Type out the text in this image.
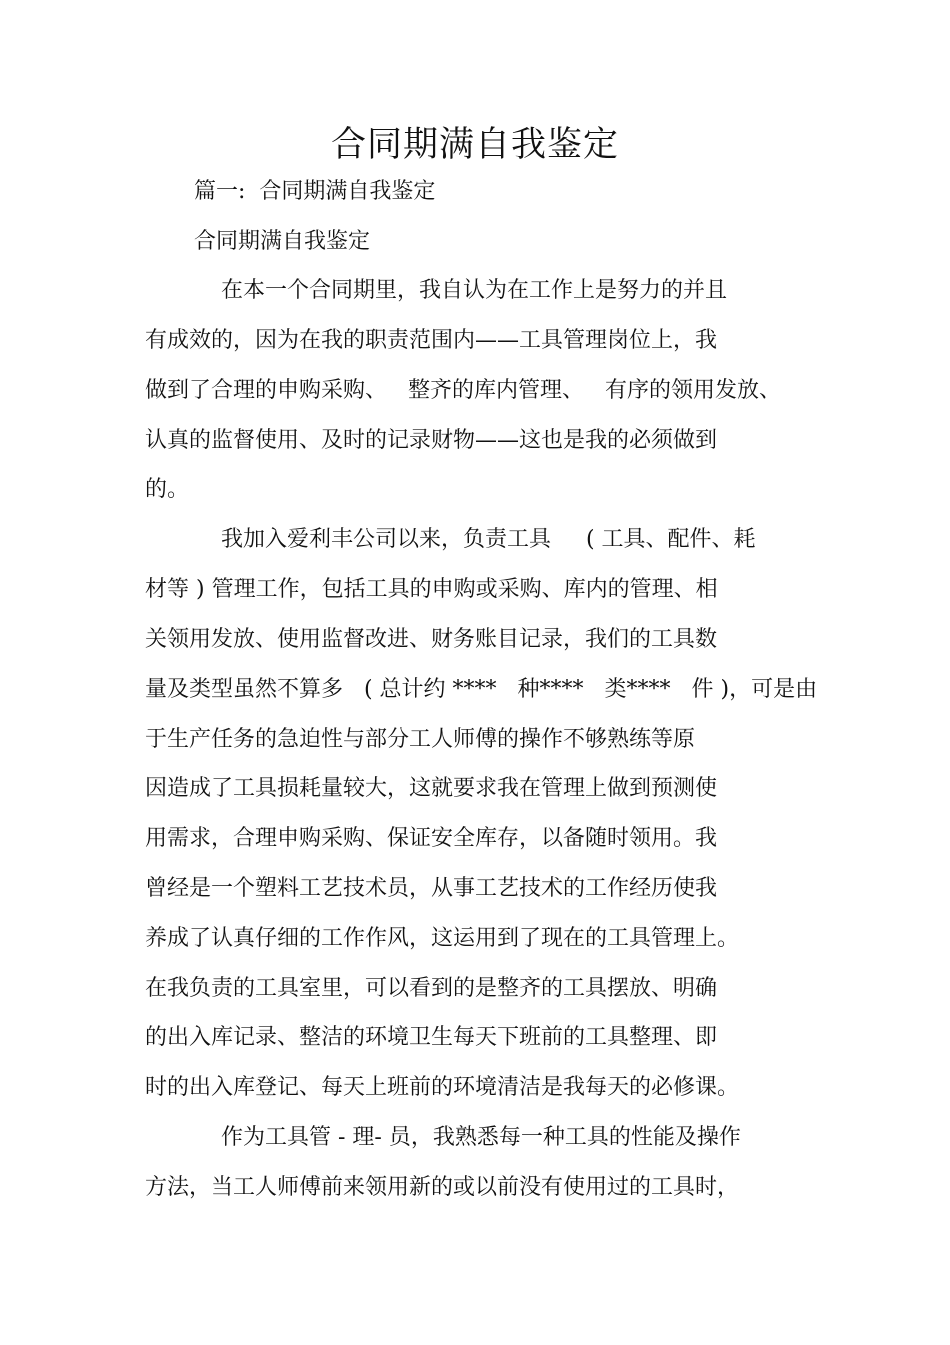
合同期满自我鉴定
篇一:  合同期满自我鉴定
合同期满自我鉴定
在本一个合同期里，我自认为在工作上是努力的并且
有成效的，因为在我的职责范围内——工具管理岗位上，我
做到了合理的申购采购、   整齐的库内管理、   有序的领用发放、
认真的监督使用、及时的记录财物——这也是我的必须做到
的。
我加入爱利丰公司以来，负责工具     ( 工具、配件、耗
材等 ) 管理工作，包括工具的申购或采购、库内的管理、相
关领用发放、使用监督改进、财务账目记录，我们的工具数
量及类型虽然不算多   ( 总计约 ****   种****   类****   件 )，可是由
于生产任务的急迫性与部分工人师傅的操作不够熟练等原
因造成了工具损耗量较大，这就要求我在管理上做到预测使
用需求，合理申购采购、保证安全库存，以备随时领用。我
曾经是一个塑料工艺技术员，从事工艺技术的工作经历使我
养成了认真仔细的工作作风，这运用到了现在的工具管理上。
在我负责的工具室里，可以看到的是整齐的工具摆放、明确
的出入库记录、整洁的环境卫生每天下班前的工具整理、即
时的出入库登记、每天上班前的环境清洁是我每天的必修课。
作为工具管 - 理- 员，我熟悉每一种工具的性能及操作
方法，当工人师傅前来领用新的或以前没有使用过的工具时，
